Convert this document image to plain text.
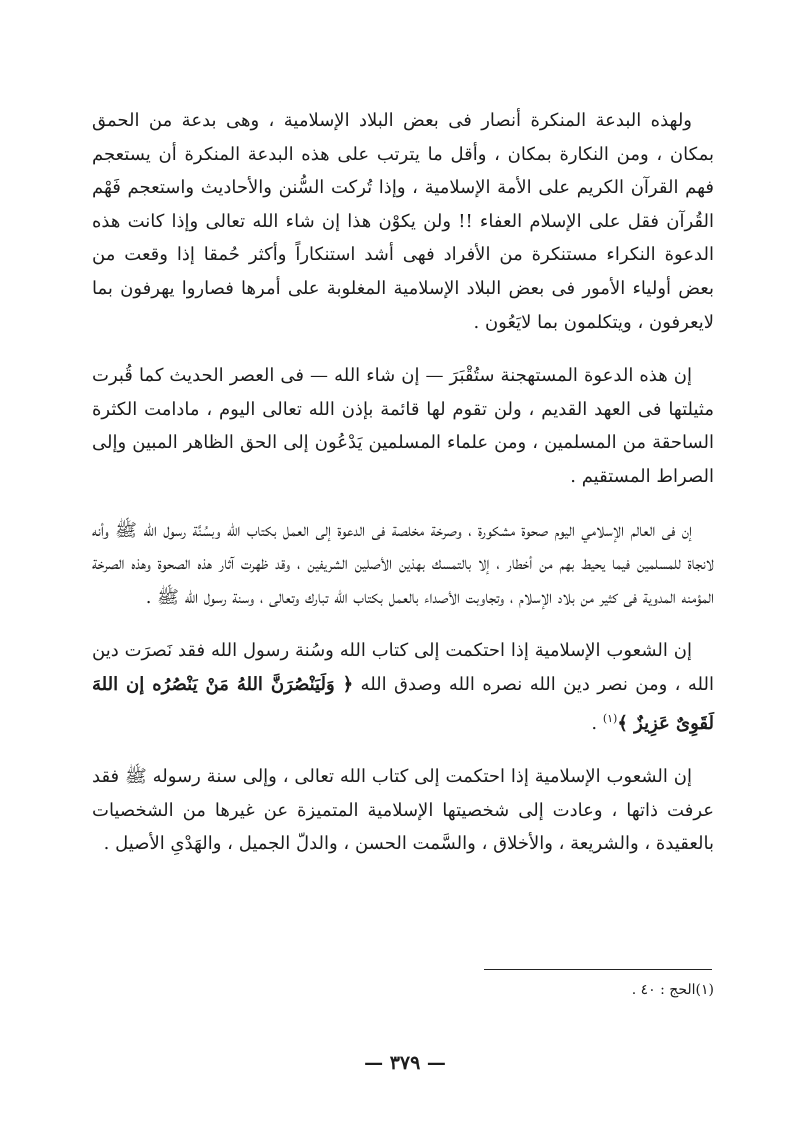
ولهذه البدعة المنكرة أنصار فى بعض البلاد الإسلامية ، وهى بدعة من الحمق بمكان ، ومن النكارة بمكان ، وأقل ما يترتب على هذه البدعة المنكرة أن يستعجم فهم القرآن الكريم على الأمة الإسلامية ، وإذا تُركت السُّنن والأحاديث واستعجم فَهْم القُرآن فقل على الإسلام العفاء !! ولن يكوْن هذا إن شاء الله تعالى وإذا كانت هذه الدعوة النكراء مستنكرة من الأفراد فهى أشد استنكاراً وأكثر حُمقا إذا وقعت من بعض أولياء الأمور فى بعض البلاد الإسلامية المغلوبة على أمرها فصاروا يهرفون بما لايعرفون ، ويتكلمون بما لايَعُون .

إن هذه الدعوة المستهجنة ستُقْبَرَ — إن شاء الله — فى العصر الحديث كما قُبرت مثيلتها فى العهد القديم ، ولن تقوم لها قائمة بإذن الله تعالى اليوم ، مادامت الكثرة الساحقة من المسلمين ، ومن علماء المسلمين يَدْعُون إلى الحق الظاهر المبين وإلى الصراط المستقيم .

إن فى العالم الإسلامي اليوم صحوة مشكورة ، وصرخة مخلصة فى الدعوة إلى العمل بكتاب الله وبسُنَّة رسول الله ﷺ وأنه لانجاة للمسلمين فيما يحيط بهم من أخطار ، إلا بالتمسك بهذين الأصلين الشريفين ، وقد ظهرت آثار هذه الصحوة وهذه الصرخة المؤمنه المدوية فى كثير من بلاد الإسلام ، وتجاوبت الأصداء بالعمل بكتاب الله تبارك وتعالى ، وسنة رسول الله ﷺ .

إن الشعوب الإسلامية إذا احتكمت إلى كتاب الله وسُنة رسول الله فقد نَصرَت دين الله ، ومن نصر دين الله نصره الله وصدق الله ﴿ وَلَيَنْصُرَنَّ اللهُ مَنْ يَنْصُرُه إن اللهَ لَقَوِىٌ عَزِيزٌ ﴾$^{(١)}$ .

إن الشعوب الإسلامية إذا احتكمت إلى كتاب الله تعالى ، وإلى سنة رسوله ﷺ فقد عرفت ذاتها ، وعادت إلى شخصيتها الإسلامية المتميزة عن غيرها من الشخصيات بالعقيدة ، والشريعة ، والأخلاق ، والسَّمت الحسن ، والدلّ الجميل ، والهَدْىِ الأصيل .

(١)الحج : ٤٠ .
— ٣٧٩ —
